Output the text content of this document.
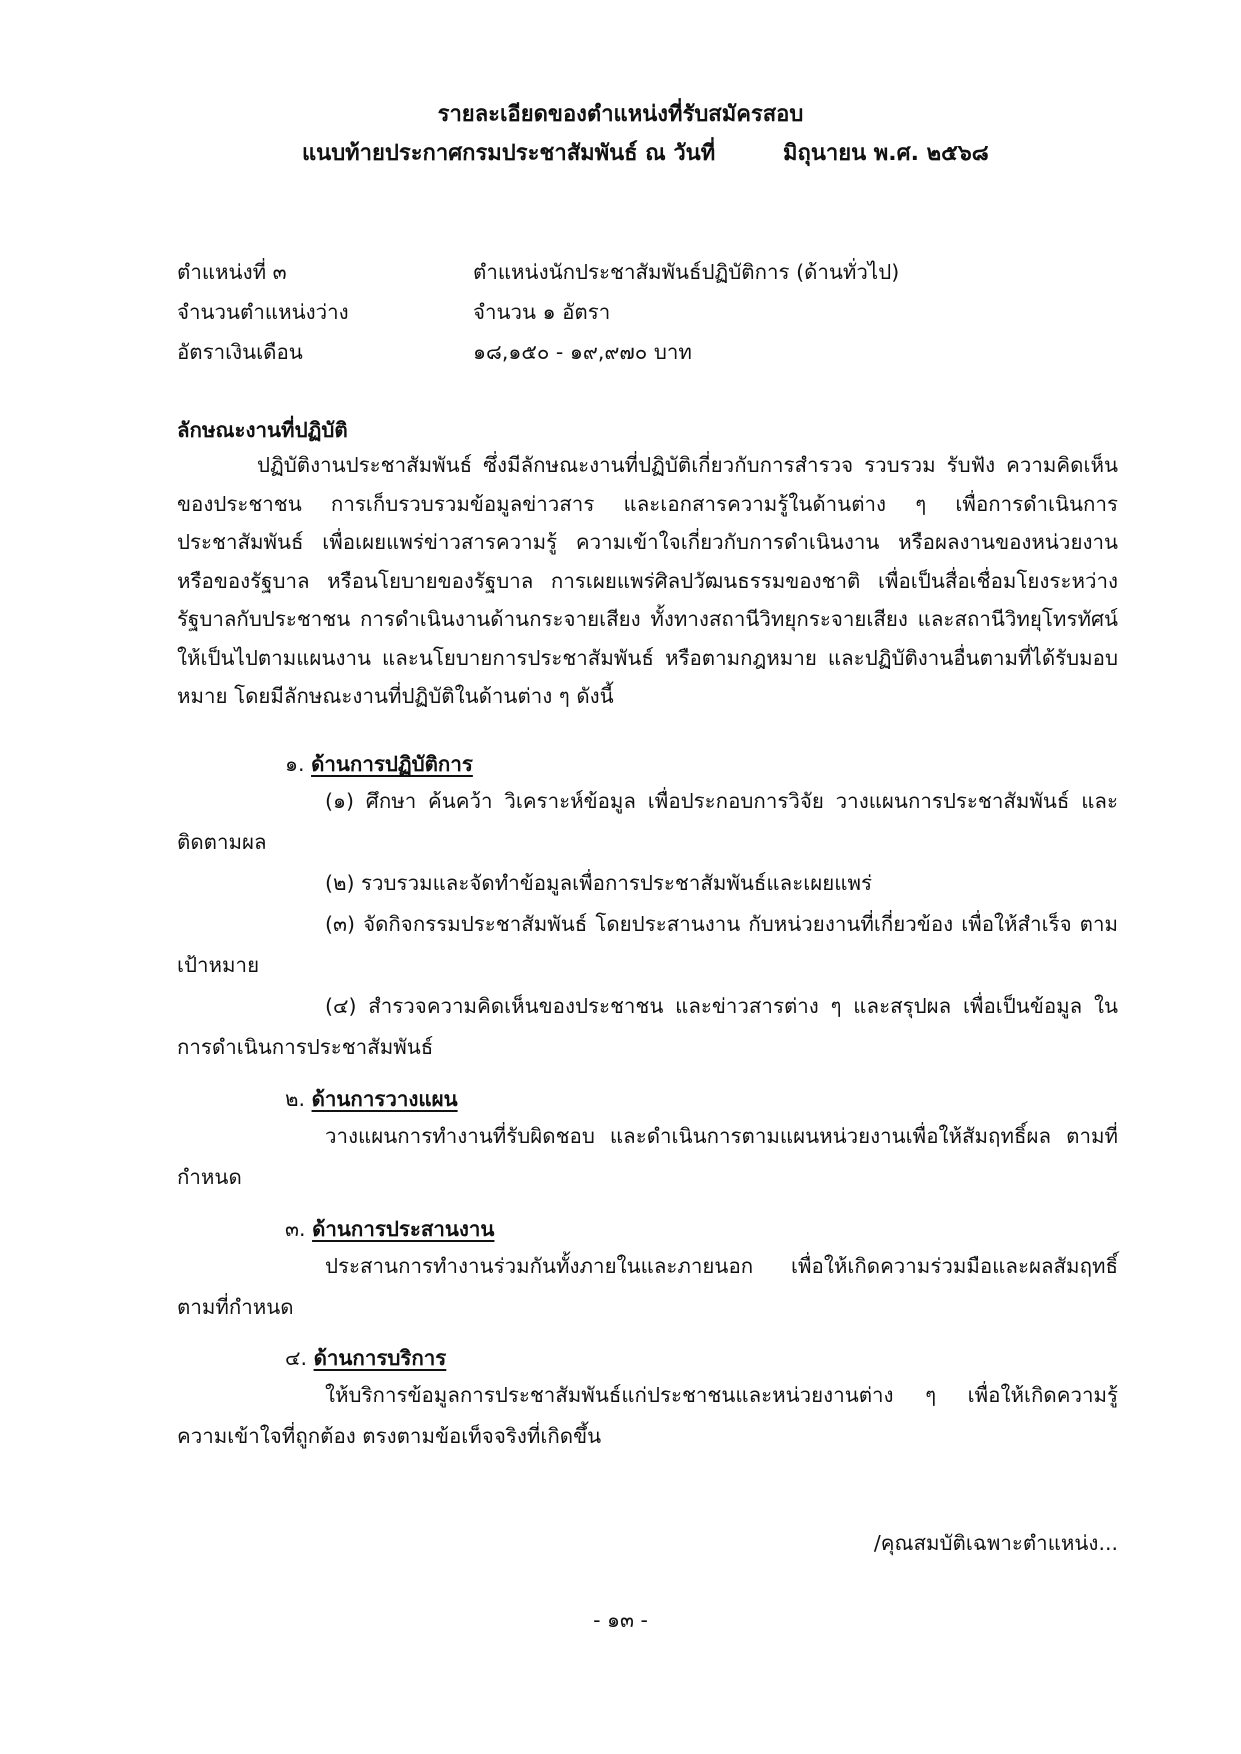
รายละเอียดของตำแหน่งที่รับสมัครสอบ
แนบท้ายประกาศกรมประชาสัมพันธ์ ณ วันที่	มิถุนายน พ.ศ. ๒๕๖๘
ตำแหน่งที่ ๓	ตำแหน่งนักประชาสัมพันธ์ปฏิบัติการ (ด้านทั่วไป)
จำนวนตำแหน่งว่าง	จำนวน ๑ อัตรา
อัตราเงินเดือน	๑๘,๑๕๐ - ๑๙,๙๗๐ บาท
ลักษณะงานที่ปฏิบัติ
ปฏิบัติงานประชาสัมพันธ์ ซึ่งมีลักษณะงานที่ปฏิบัติเกี่ยวกับการสำรวจ รวบรวม รับฟัง ความคิดเห็นของประชาชน การเก็บรวบรวมข้อมูลข่าวสาร และเอกสารความรู้ในด้านต่าง ๆ เพื่อการดำเนินการประชาสัมพันธ์ เพื่อเผยแพร่ข่าวสารความรู้ ความเข้าใจเกี่ยวกับการดำเนินงาน หรือผลงานของหน่วยงาน หรือของรัฐบาล หรือนโยบายของรัฐบาล การเผยแพร่ศิลปวัฒนธรรมของชาติ เพื่อเป็นสื่อเชื่อมโยงระหว่างรัฐบาลกับประชาชน การดำเนินงานด้านกระจายเสียง ทั้งทางสถานีวิทยุกระจายเสียง และสถานีวิทยุโทรทัศน์ ให้เป็นไปตามแผนงาน และนโยบายการประชาสัมพันธ์ หรือตามกฎหมาย และปฏิบัติงานอื่นตามที่ได้รับมอบหมาย โดยมีลักษณะงานที่ปฏิบัติในด้านต่าง ๆ ดังนี้
๑. ด้านการปฏิบัติการ
(๑) ศึกษา ค้นคว้า วิเคราะห์ข้อมูล เพื่อประกอบการวิจัย วางแผนการประชาสัมพันธ์ และติดตามผล
(๒) รวบรวมและจัดทำข้อมูลเพื่อการประชาสัมพันธ์และเผยแพร่
(๓) จัดกิจกรรมประชาสัมพันธ์ โดยประสานงาน กับหน่วยงานที่เกี่ยวข้อง เพื่อให้สำเร็จ ตามเป้าหมาย
(๔) สำรวจความคิดเห็นของประชาชน และข่าวสารต่าง ๆ และสรุปผล เพื่อเป็นข้อมูล ในการดำเนินการประชาสัมพันธ์
๒. ด้านการวางแผน
วางแผนการทำงานที่รับผิดชอบ และดำเนินการตามแผนหน่วยงานเพื่อให้สัมฤทธิ์ผล ตามที่กำหนด
๓. ด้านการประสานงาน
ประสานการทำงานร่วมกันทั้งภายในและภายนอก เพื่อให้เกิดความร่วมมือและผลสัมฤทธิ์ ตามที่กำหนด
๔. ด้านการบริการ
ให้บริการข้อมูลการประชาสัมพันธ์แก่ประชาชนและหน่วยงานต่าง ๆ เพื่อให้เกิดความรู้ ความเข้าใจที่ถูกต้อง ตรงตามข้อเท็จจริงที่เกิดขึ้น
/คุณสมบัติเฉพาะตำแหน่ง...
- ๑๓ -
